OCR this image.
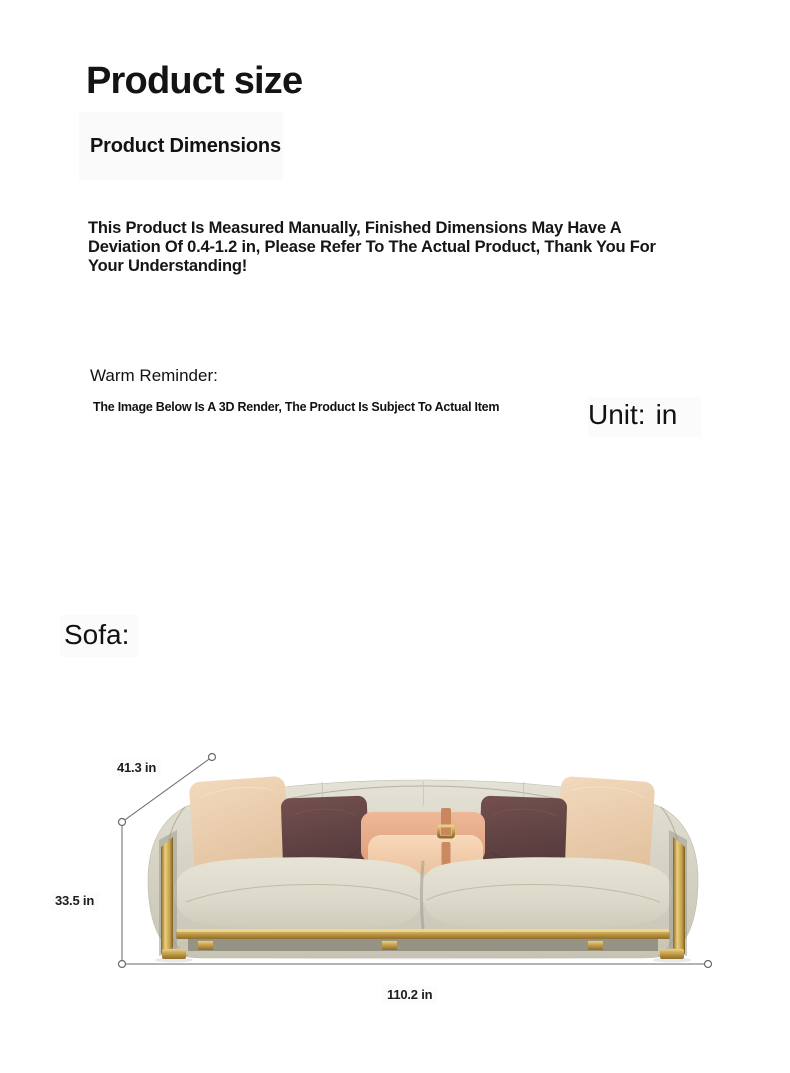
Product size
Product Dimensions
This Product Is Measured Manually, Finished Dimensions May Have A
Deviation Of 0.4-1.2 in, Please Refer To The Actual Product, Thank You For
Your Understanding!
Warm Reminder:
The Image Below Is A 3D Render, The Product Is Subject To Actual Item	Unit: in
Sofa:
41.3 in
33.5 in
110.2 in
